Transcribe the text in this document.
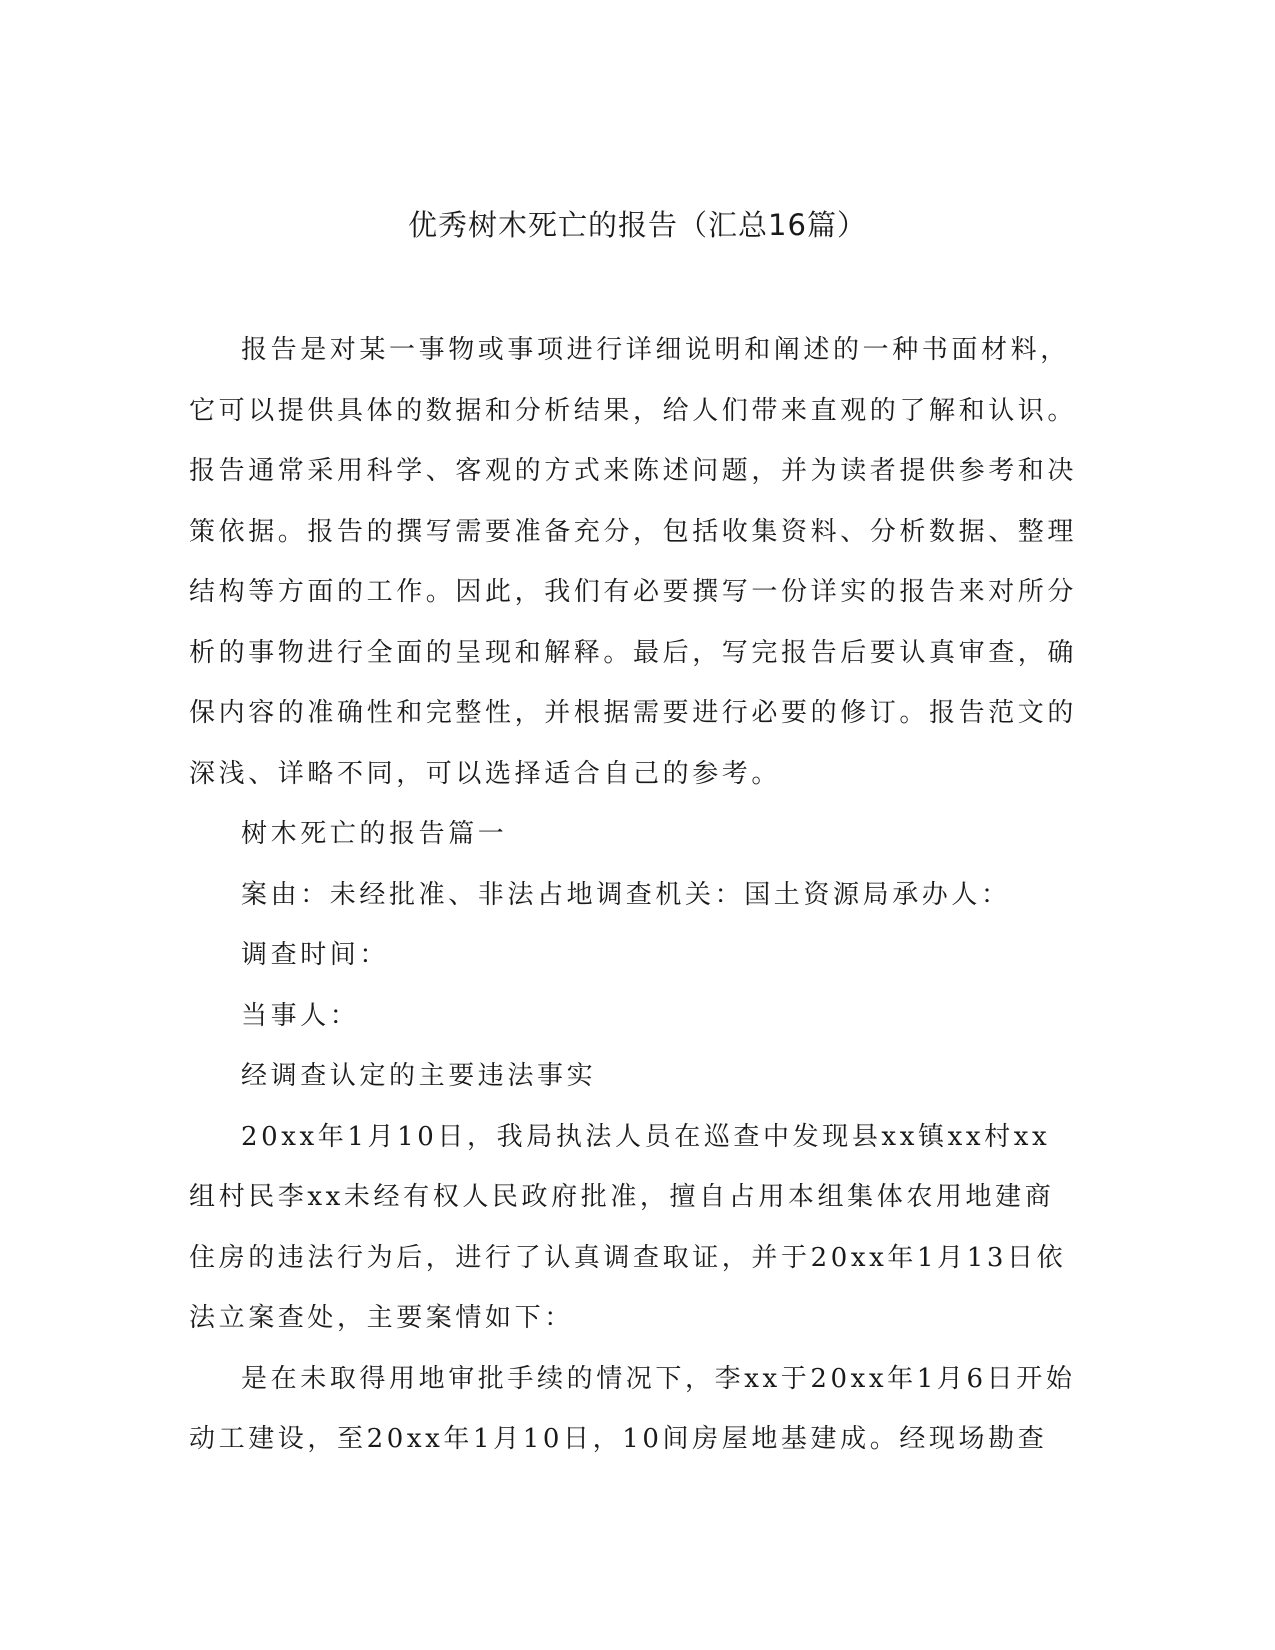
优秀树木死亡的报告（汇总16篇）

报告是对某一事物或事项进行详细说明和阐述的一种书面材料，它可以提供具体的数据和分析结果，给人们带来直观的了解和认识。报告通常采用科学、客观的方式来陈述问题，并为读者提供参考和决策依据。报告的撰写需要准备充分，包括收集资料、分析数据、整理结构等方面的工作。因此，我们有必要撰写一份详实的报告来对所分析的事物进行全面的呈现和解释。最后，写完报告后要认真审查，确保内容的准确性和完整性，并根据需要进行必要的修订。报告范文的深浅、详略不同，可以选择适合自己的参考。

树木死亡的报告篇一

案由：未经批准、非法占地调查机关：国土资源局承办人：

调查时间：

当事人：

经调查认定的主要违法事实

20xx年1月10日，我局执法人员在巡查中发现县xx镇xx村xx组村民李xx未经有权人民政府批准，擅自占用本组集体农用地建商住房的违法行为后，进行了认真调查取证，并于20xx年1月13日依法立案查处，主要案情如下：

是在未取得用地审批手续的情况下，李xx于20xx年1月6日开始动工建设，至20xx年1月10日，10间房屋地基建成。经现场勘查
